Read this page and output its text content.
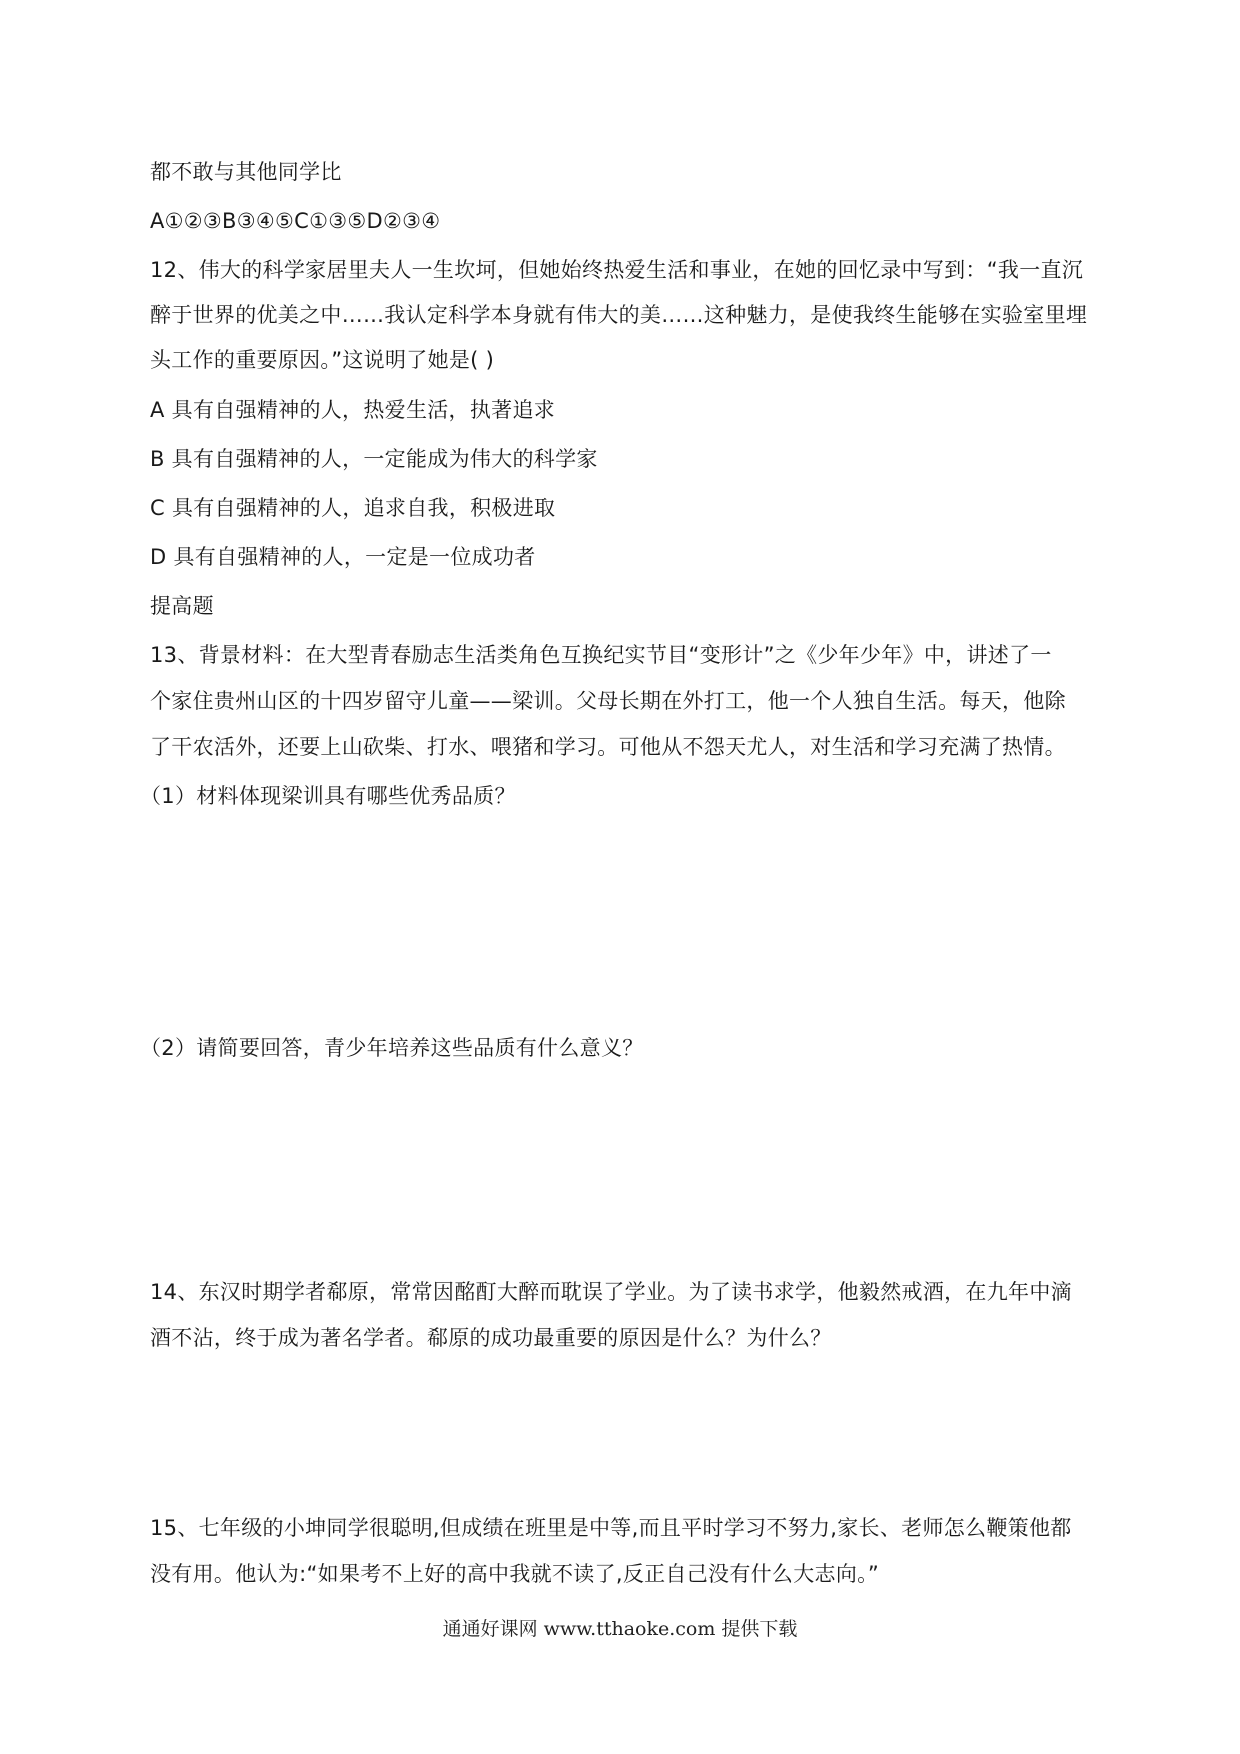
都不敢与其他同学比
A①②③B③④⑤C①③⑤D②③④
12、伟大的科学家居里夫人一生坎坷，但她始终热爱生活和事业，在她的回忆录中写到：“我一直沉
醉于世界的优美之中……我认定科学本身就有伟大的美……这种魅力，是使我终生能够在实验室里埋
头工作的重要原因。”这说明了她是( )
A 具有自强精神的人，热爱生活，执著追求
B 具有自强精神的人，一定能成为伟大的科学家
C 具有自强精神的人，追求自我，积极进取
D 具有自强精神的人，一定是一位成功者
提高题
13、背景材料：在大型青春励志生活类角色互换纪实节目“变形计”之《少年少年》中，讲述了一
个家住贵州山区的十四岁留守儿童——梁训。父母长期在外打工，他一个人独自生活。每天，他除
了干农活外，还要上山砍柴、打水、喂猪和学习。可他从不怨天尤人，对生活和学习充满了热情。
（1）材料体现梁训具有哪些优秀品质？
（2）请简要回答，青少年培养这些品质有什么意义？
14、东汉时期学者郗原，常常因酩酊大醉而耽误了学业。为了读书求学，他毅然戒酒，在九年中滴
酒不沾，终于成为著名学者。郗原的成功最重要的原因是什么？为什么？
15、七年级的小坤同学很聪明,但成绩在班里是中等,而且平时学习不努力,家长、老师怎么鞭策他都
没有用。他认为:“如果考不上好的高中我就不读了,反正自己没有什么大志向。”
通通好课网 www.tthaoke.com 提供下载
